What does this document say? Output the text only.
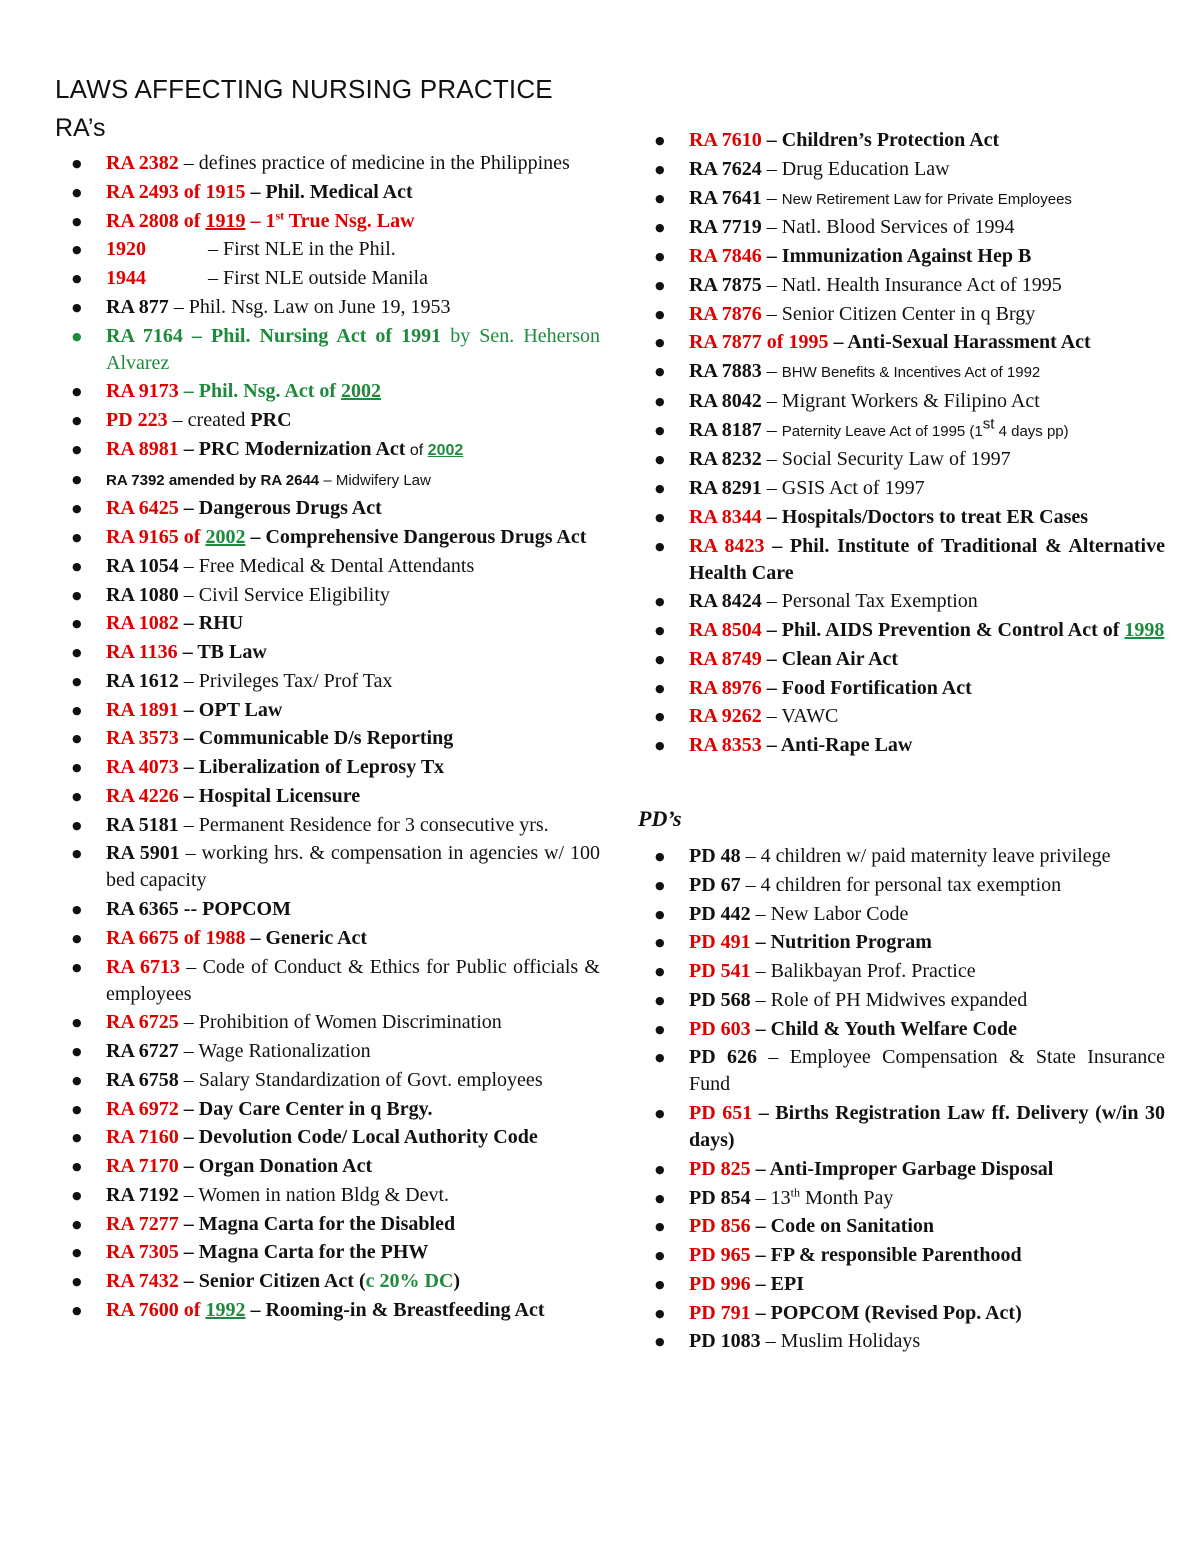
LAWS AFFECTING NURSING PRACTICE
RA’s
● RA 2382 – defines practice of medicine in the Philippines
● RA 2493 of 1915 – Phil. Medical Act
● RA 2808 of 1919 – 1st True Nsg. Law
● 1920	– First NLE in the Phil.
● 1944	– First NLE outside Manila
● RA 877 – Phil. Nsg. Law on June 19, 1953
● RA 7164 – Phil. Nursing Act of 1991 by Sen. Heherson Alvarez
● RA 9173 – Phil. Nsg. Act of 2002
● PD 223 – created PRC
● RA 8981 – PRC Modernization Act of 2002
● RA 7392 amended by RA 2644 – Midwifery Law
● RA 6425 – Dangerous Drugs Act
● RA 9165 of 2002 – Comprehensive Dangerous Drugs Act
● RA 1054 – Free Medical & Dental Attendants
● RA 1080 – Civil Service Eligibility
● RA 1082 – RHU
● RA 1136 – TB Law
● RA 1612 – Privileges Tax/ Prof Tax
● RA 1891 – OPT Law
● RA 3573 – Communicable D/s Reporting
● RA 4073 – Liberalization of Leprosy Tx
● RA 4226 – Hospital Licensure
● RA 5181 – Permanent Residence for 3 consecutive yrs.
● RA 5901 – working hrs. & compensation in agencies w/ 100 bed capacity
● RA 6365 -- POPCOM
● RA 6675 of 1988 – Generic Act
● RA 6713 – Code of Conduct & Ethics for Public officials & employees
● RA 6725 – Prohibition of Women Discrimination
● RA 6727 – Wage Rationalization
● RA 6758 – Salary Standardization of Govt. employees
● RA 6972 – Day Care Center in q Brgy.
● RA 7160 – Devolution Code/ Local Authority Code
● RA 7170 – Organ Donation Act
● RA 7192 – Women in nation Bldg & Devt.
● RA 7277 – Magna Carta for the Disabled
● RA 7305 – Magna Carta for the PHW
● RA 7432 – Senior Citizen Act (c 20% DC)
● RA 7600 of 1992 – Rooming-in & Breastfeeding Act
● RA 7610 – Children’s Protection Act
● RA 7624 – Drug Education Law
● RA 7641 – New Retirement Law for Private Employees
● RA 7719 – Natl. Blood Services of 1994
● RA 7846 – Immunization Against Hep B
● RA 7875 – Natl. Health Insurance Act of 1995
● RA 7876 – Senior Citizen Center in q Brgy
● RA 7877 of 1995 – Anti-Sexual Harassment Act
● RA 7883 – BHW Benefits & Incentives Act of 1992
● RA 8042 – Migrant Workers & Filipino Act
● RA 8187 – Paternity Leave Act of 1995 (1st 4 days pp)
● RA 8232 – Social Security Law of 1997
● RA 8291 – GSIS Act of 1997
● RA 8344 – Hospitals/Doctors to treat ER Cases
● RA 8423 – Phil. Institute of Traditional & Alternative Health Care
● RA 8424 – Personal Tax Exemption
● RA 8504 – Phil. AIDS Prevention & Control Act of 1998
● RA 8749 – Clean Air Act
● RA 8976 – Food Fortification Act
● RA 9262 – VAWC
● RA 8353 – Anti-Rape Law
PD’s
● PD 48 – 4 children w/ paid maternity leave privilege
● PD 67 – 4 children for personal tax exemption
● PD 442 – New Labor Code
● PD 491 – Nutrition Program
● PD 541 – Balikbayan Prof. Practice
● PD 568 – Role of PH Midwives expanded
● PD 603 – Child & Youth Welfare Code
● PD 626 – Employee Compensation & State Insurance Fund
● PD 651 – Births Registration Law ff. Delivery (w/in 30 days)
● PD 825 – Anti-Improper Garbage Disposal
● PD 854 – 13th Month Pay
● PD 856 – Code on Sanitation
● PD 965 – FP & responsible Parenthood
● PD 996 – EPI
● PD 791 – POPCOM (Revised Pop. Act)
● PD 1083 – Muslim Holidays
